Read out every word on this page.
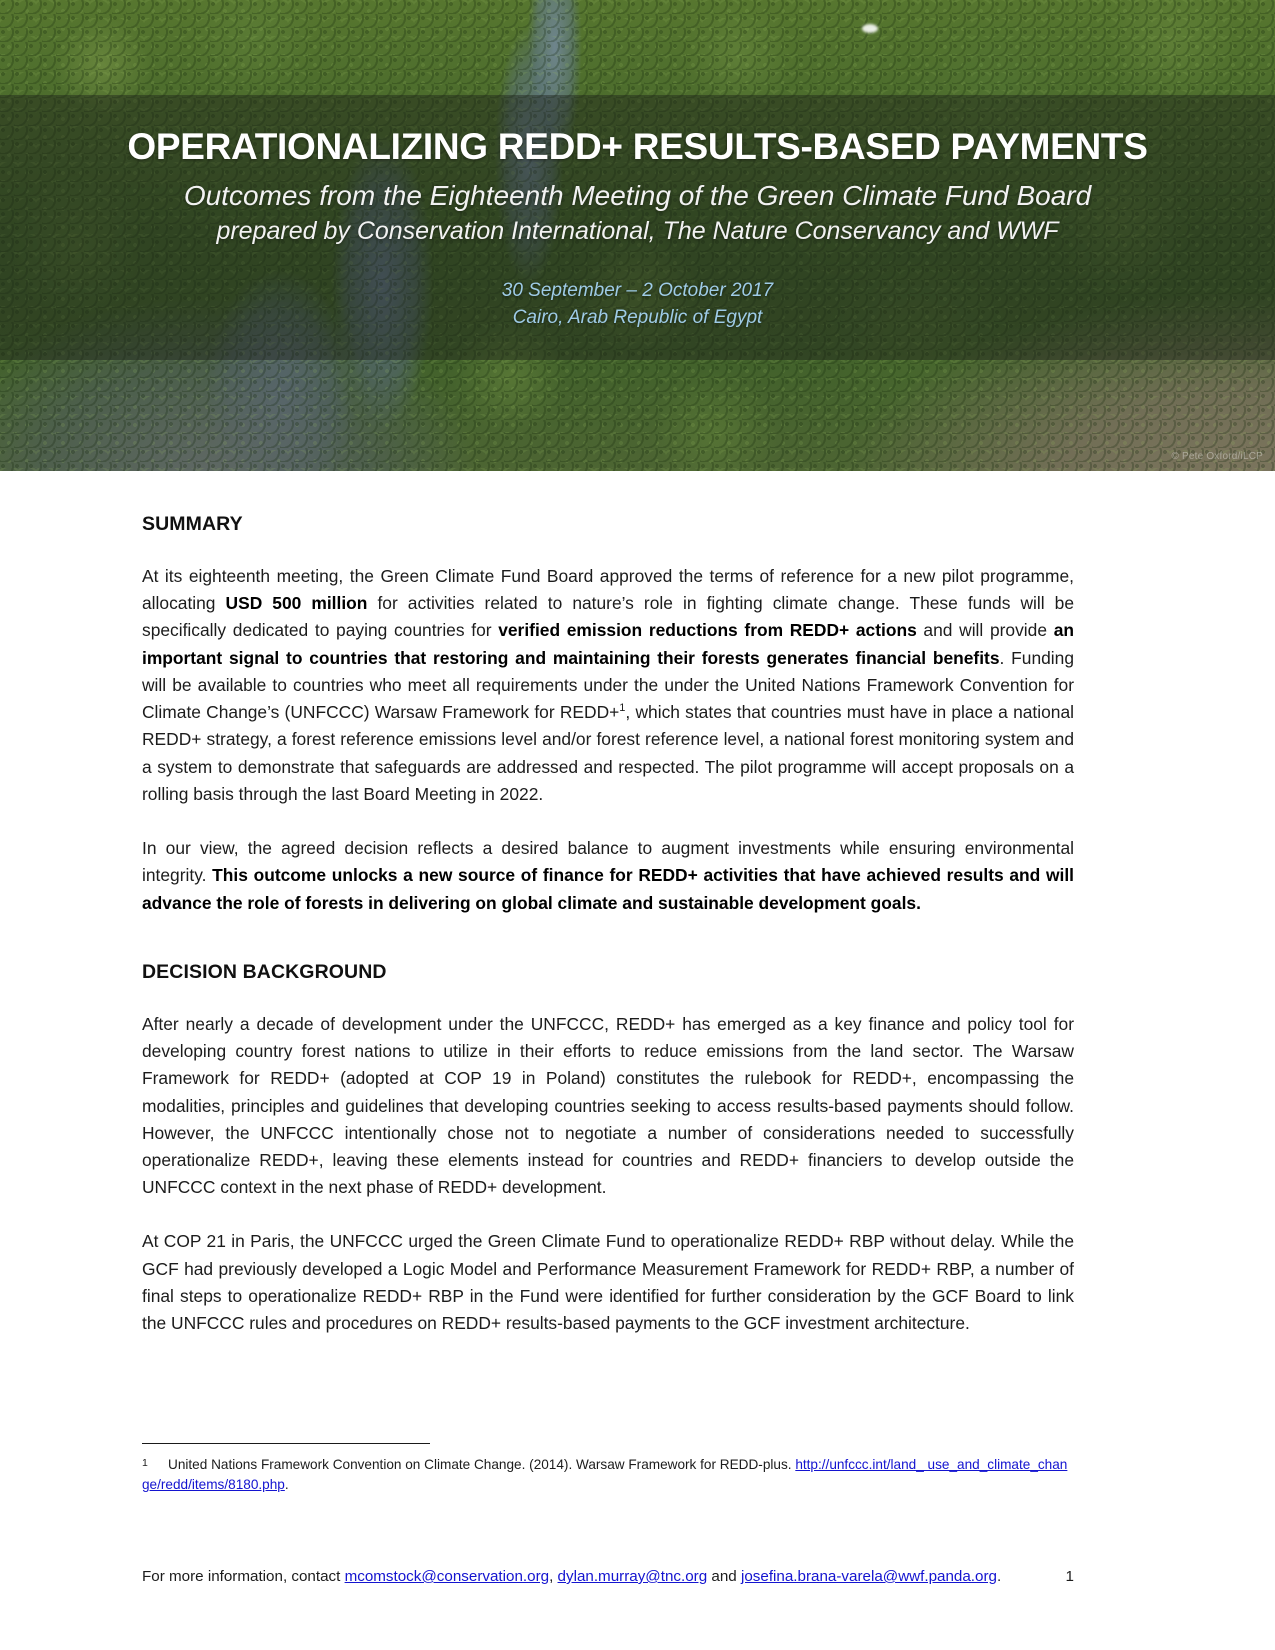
OPERATIONALIZING REDD+ RESULTS-BASED PAYMENTS

Outcomes from the Eighteenth Meeting of the Green Climate Fund Board

prepared by Conservation International, The Nature Conservancy and WWF

30 September – 2 October 2017

Cairo, Arab Republic of Egypt

© Pete Oxford/iLCP
SUMMARY

At its eighteenth meeting, the Green Climate Fund Board approved the terms of reference for a new pilot programme, allocating USD 500 million for activities related to nature’s role in fighting climate change. These funds will be specifically dedicated to paying countries for verified emission reductions from REDD+ actions and will provide an important signal to countries that restoring and maintaining their forests generates financial benefits. Funding will be available to countries who meet all requirements under the under the United Nations Framework Convention for Climate Change’s (UNFCCC) Warsaw Framework for REDD+$^1$, which states that countries must have in place a national REDD+ strategy, a forest reference emissions level and/or forest reference level, a national forest monitoring system and a system to demonstrate that safeguards are addressed and respected. The pilot programme will accept proposals on a rolling basis through the last Board Meeting in 2022.

In our view, the agreed decision reflects a desired balance to augment investments while ensuring environmental integrity. This outcome unlocks a new source of finance for REDD+ activities that have achieved results and will advance the role of forests in delivering on global climate and sustainable development goals.

DECISION BACKGROUND

After nearly a decade of development under the UNFCCC, REDD+ has emerged as a key finance and policy tool for developing country forest nations to utilize in their efforts to reduce emissions from the land sector. The Warsaw Framework for REDD+ (adopted at COP 19 in Poland) constitutes the rulebook for REDD+, encompassing the modalities, principles and guidelines that developing countries seeking to access results-based payments should follow. However, the UNFCCC intentionally chose not to negotiate a number of considerations needed to successfully operationalize REDD+, leaving these elements instead for countries and REDD+ financiers to develop outside the UNFCCC context in the next phase of REDD+ development.

At COP 21 in Paris, the UNFCCC urged the Green Climate Fund to operationalize REDD+ RBP without delay. While the GCF had previously developed a Logic Model and Performance Measurement Framework for REDD+ RBP, a number of final steps to operationalize REDD+ RBP in the Fund were identified for further consideration by the GCF Board to link the UNFCCC rules and procedures on REDD+ results-based payments to the GCF investment architecture.

1 United Nations Framework Convention on Climate Change. (2014). Warsaw Framework for REDD-plus. http://unfccc.int/land_ use_and_climate_change/redd/items/8180.php.
For more information, contact mcomstock@conservation.org, dylan.murray@tnc.org and josefina.brana-varela@wwf.panda.org.	1
